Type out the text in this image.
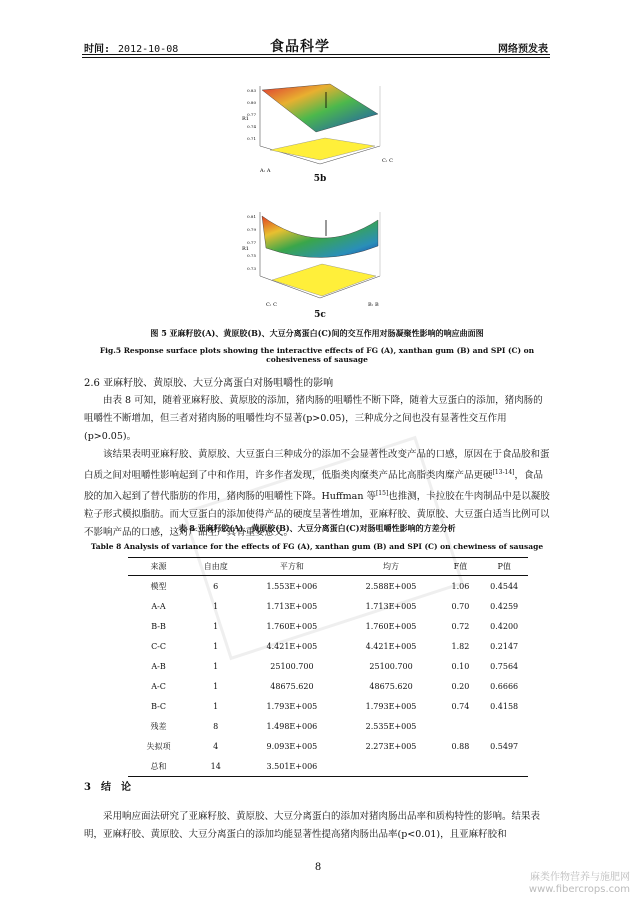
时间: 2012-10-08	食品科学	网络预发表
0.83
0.80
0.77
0.74
0.71
R1
A: A
C: C
5b
0.81
0.79
0.77
0.75
0.73
R1
C: C	B: B
5c
图 5 亚麻籽胶(A)、黄原胶(B)、大豆分离蛋白(C)间的交互作用对肠凝聚性影响的响应曲面图
Fig.5 Response surface plots showing the interactive effects of FG (A), xanthan gum (B) and SPI (C) on cohesiveness of sausage
2.6 亚麻籽胶、黄原胶、大豆分离蛋白对肠咀嚼性的影响
由表 8 可知，随着亚麻籽胶、黄原胶的添加，猪肉肠的咀嚼性不断下降，随着大豆蛋白的添加，猪肉肠的咀嚼性不断增加，但三者对猪肉肠的咀嚼性均不显著(p>0.05)，三种成分之间也没有显著性交互作用(p>0.05)。
该结果表明亚麻籽胶、黄原胶、大豆蛋白三种成分的添加不会显著性改变产品的口感，原因在于食品胶和蛋白质之间对咀嚼性影响起到了中和作用，许多作者发现，低脂类肉糜类产品比高脂类肉糜产品更硬[13-14]，食品胶的加入起到了替代脂肪的作用，猪肉肠的咀嚼性下降。Huffman 等[15]也推测，卡拉胶在牛肉制品中是以凝胶粒子形式模拟脂肪。而大豆蛋白的添加使得产品的硬度呈著性增加，亚麻籽胶、黄原胶、大豆蛋白适当比例可以不影响产品的口感，这对产品生产具有重要意义。
表 8 亚麻籽胶(A)、黄原胶(B)、大豆分离蛋白(C)对肠咀嚼性影响的方差分析
Table 8 Analysis of variance for the effects of FG (A), xanthan gum (B) and SPI (C) on chewiness of sausage
来源	自由度	平方和	均方	F值	P值
模型	6	1.553E+006	2.588E+005	1.06	0.4544
A-A	1	1.713E+005	1.713E+005	0.70	0.4259
B-B	1	1.760E+005	1.760E+005	0.72	0.4200
C-C	1	4.421E+005	4.421E+005	1.82	0.2147
A-B	1	25100.700	25100.700	0.10	0.7564
A-C	1	48675.620	48675.620	0.20	0.6666
B-C	1	1.793E+005	1.793E+005	0.74	0.4158
残差	8	1.498E+006	2.535E+005		
失拟项	4	9.093E+005	2.273E+005	0.88	0.5497
总和	14	3.501E+006			
3　结　论
采用响应面法研究了亚麻籽胶、黄原胶、大豆分离蛋白的添加对猪肉肠出品率和质构特性的影响。结果表明，亚麻籽胶、黄原胶、大豆分离蛋白的添加均能显著性提高猪肉肠出品率(p<0.01)，且亚麻籽胶和
8
麻类作物营养与施肥网
www.fibercrops.com
